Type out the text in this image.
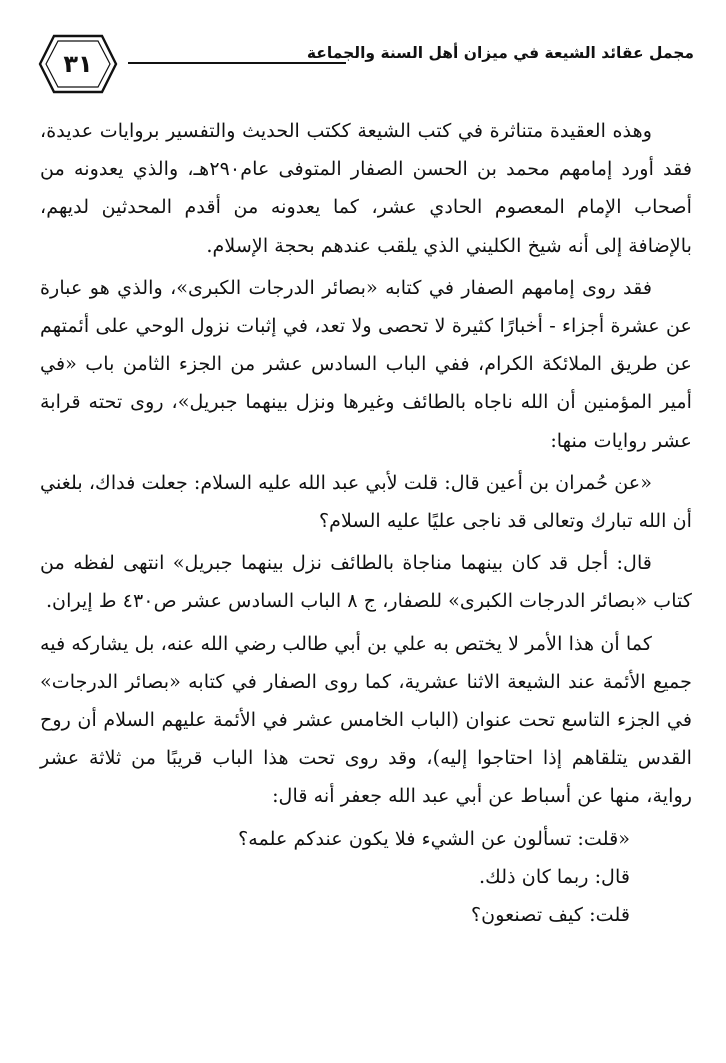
٣١	مجمل عقائد الشيعة في ميزان أهل السنة والجماعة

وهذه العقيدة متناثرة في كتب الشيعة ككتب الحديث والتفسير بروايات عديدة، فقد أورد إمامهم محمد بن الحسن الصفار المتوفى عام٢٩٠هـ، والذي يعدونه من أصحاب الإمام المعصوم الحادي عشر، كما يعدونه من أقدم المحدثين لديهم، بالإضافة إلى أنه شيخ الكليني الذي يلقب عندهم بحجة الإسلام.

فقد روى إمامهم الصفار في كتابه «بصائر الدرجات الكبرى»، والذي هو عبارة عن عشرة أجزاء - أخبارًا كثيرة لا تحصى ولا تعد، في إثبات نزول الوحي على أئمتهم عن طريق الملائكة الكرام، ففي الباب السادس عشر من الجزء الثامن باب «في أمير المؤمنين أن الله ناجاه بالطائف وغيرها ونزل بينهما جبريل»، روى تحته قرابة عشر روايات منها:

«عن حُمران بن أعين قال: قلت لأبي عبد الله عليه السلام: جعلت فداك، بلغني أن الله تبارك وتعالى قد ناجى عليًا عليه السلام؟

قال: أجل قد كان بينهما مناجاة بالطائف نزل بينهما جبريل» انتهى لفظه من كتاب «بصائر الدرجات الكبرى» للصفار، ج ٨ الباب السادس عشر ص٤٣٠ ط إيران.

كما أن هذا الأمر لا يختص به علي بن أبي طالب رضي الله عنه، بل يشاركه فيه جميع الأئمة عند الشيعة الاثنا عشرية، كما روى الصفار في كتابه «بصائر الدرجات» في الجزء التاسع تحت عنوان (الباب الخامس عشر في الأئمة عليهم السلام أن روح القدس يتلقاهم إذا احتاجوا إليه)، وقد روى تحت هذا الباب قريبًا من ثلاثة عشر رواية، منها عن أسباط عن أبي عبد الله جعفر أنه قال:

«قلت: تسألون عن الشيء فلا يكون عندكم علمه؟

قال: ربما كان ذلك.

قلت: كيف تصنعون؟
